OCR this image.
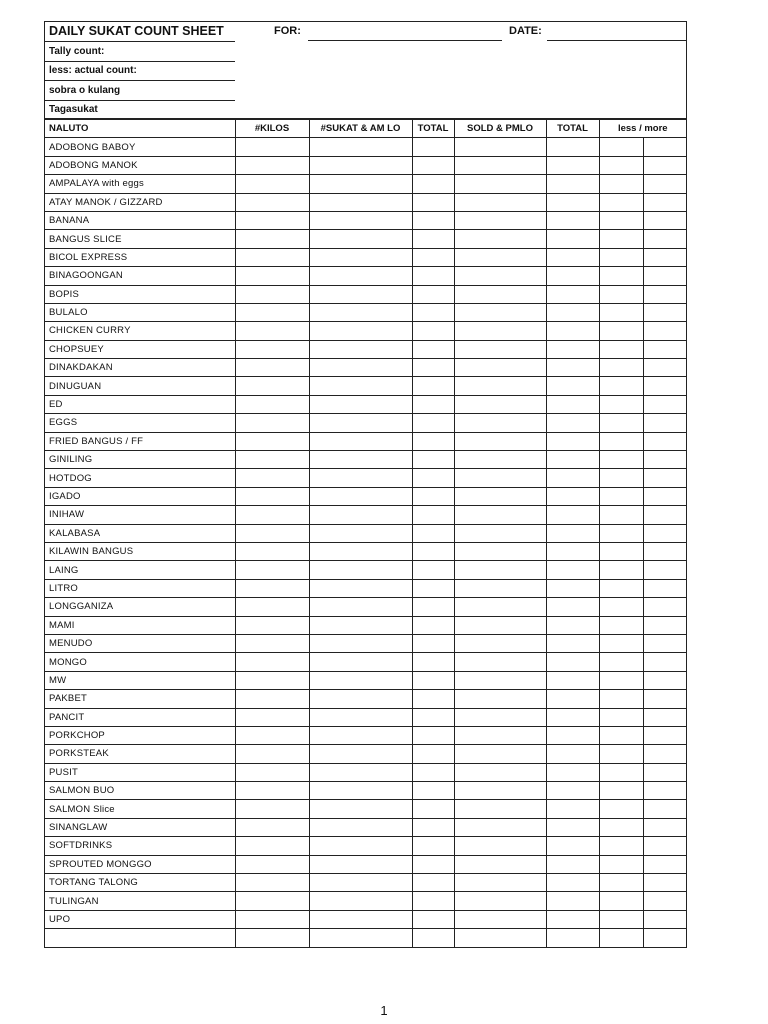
DAILY SUKAT COUNT SHEET
Tally count:
less: actual count:
sobra o kulang
Tagasukat
FOR:	DATE:
NALUTO	#KILOS	#SUKAT & AM LO	TOTAL	SOLD & PMLO	TOTAL	less / more	
ADOBONG BABOY							
ADOBONG MANOK							
AMPALAYA with eggs							
ATAY MANOK / GIZZARD							
BANANA							
BANGUS SLICE							
BICOL EXPRESS							
BINAGOONGAN							
BOPIS							
BULALO							
CHICKEN CURRY							
CHOPSUEY							
DINAKDAKAN							
DINUGUAN							
ED							
EGGS							
FRIED BANGUS / FF							
GINILING							
HOTDOG							
IGADO							
INIHAW							
KALABASA							
KILAWIN BANGUS							
LAING							
LITRO							
LONGGANIZA							
MAMI							
MENUDO							
MONGO							
MW							
PAKBET							
PANCIT							
PORKCHOP							
PORKSTEAK							
PUSIT							
SALMON BUO							
SALMON Slice							
SINANGLAW							
SOFTDRINKS							
SPROUTED MONGGO							
TORTANG TALONG							
TULINGAN							
UPO							

1
